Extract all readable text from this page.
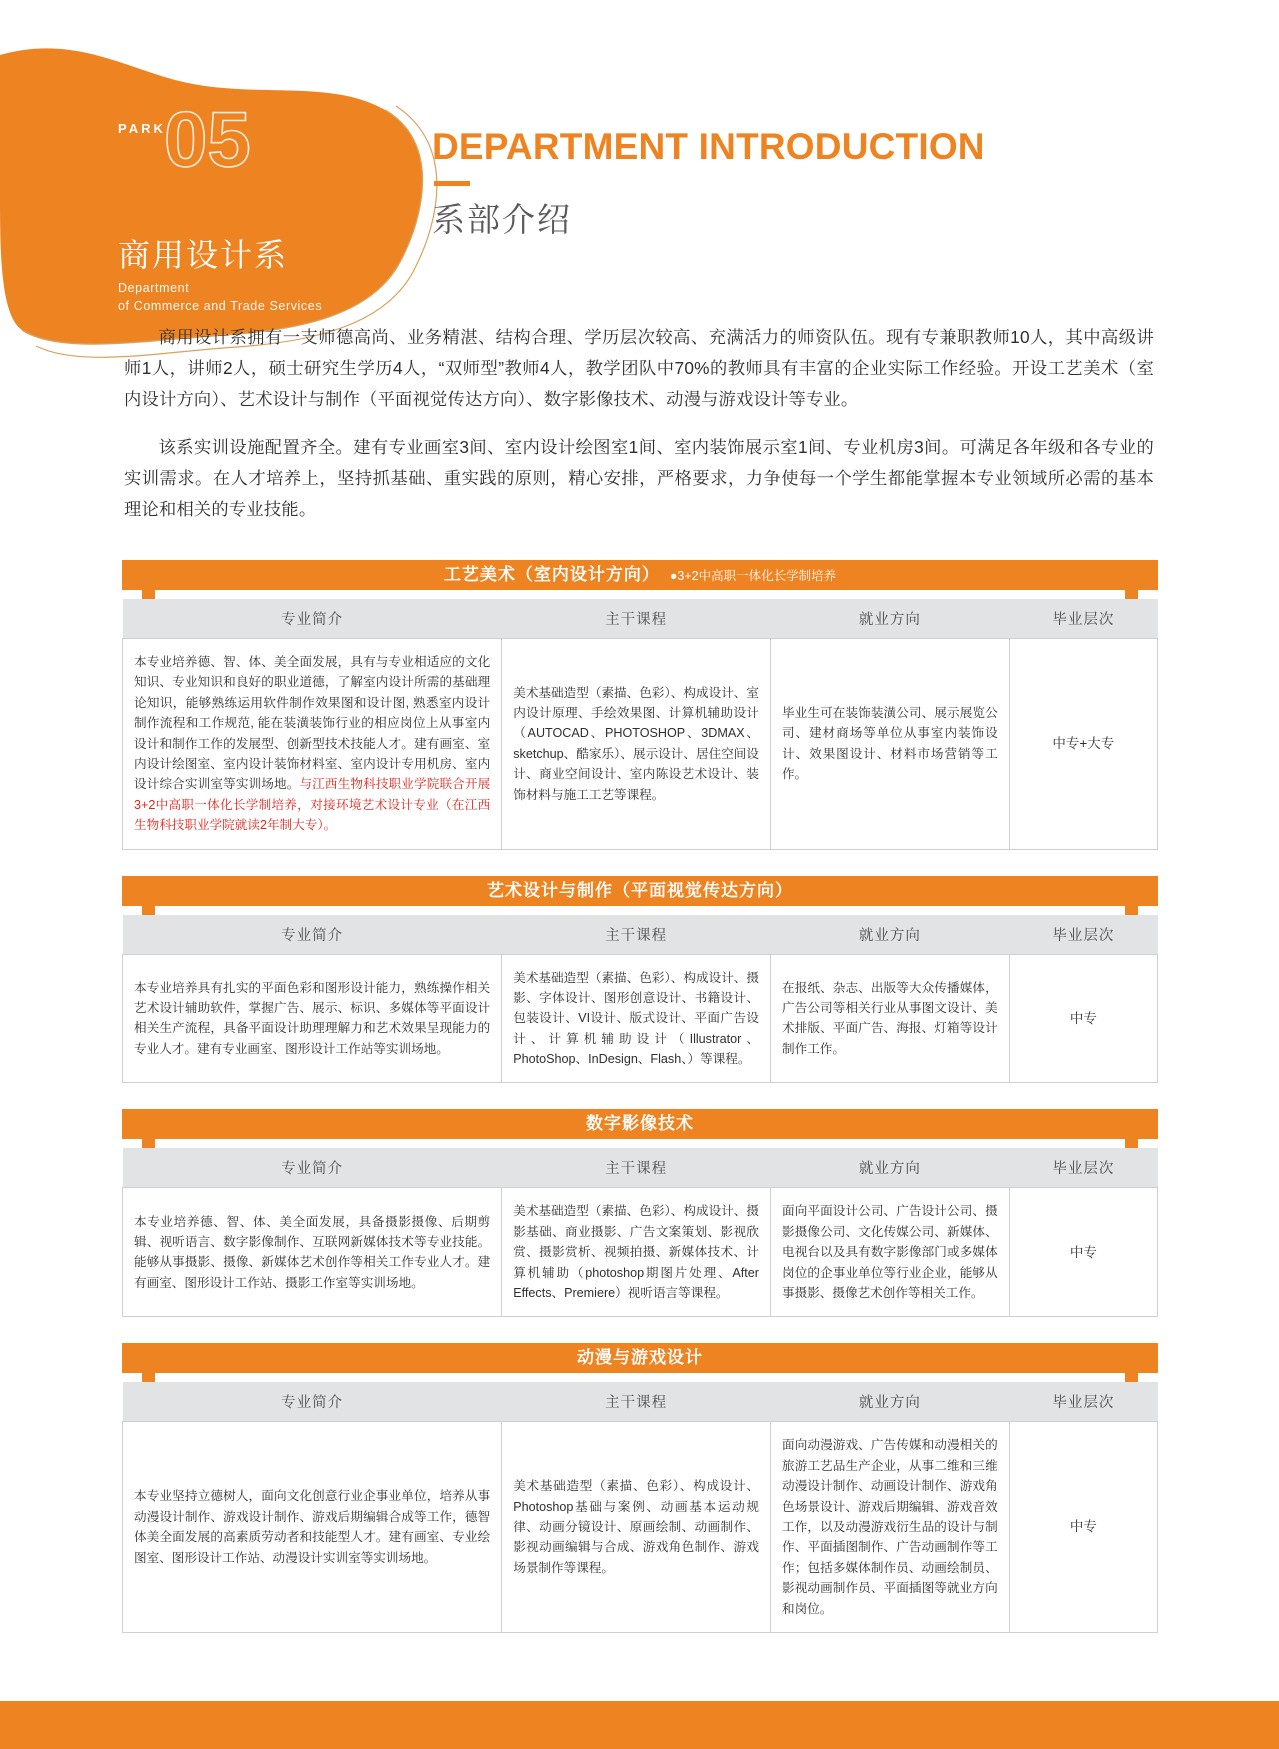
PARK
05
商用设计系
Department
of Commerce and Trade Services
DEPARTMENT INTRODUCTION
系部介绍

商用设计系拥有一支师德高尚、业务精湛、结构合理、学历层次较高、充满活力的师资队伍。现有专兼职教师10人，其中高级讲师1人，讲师2人，硕士研究生学历4人，“双师型”教师4人，教学团队中70%的教师具有丰富的企业实际工作经验。开设工艺美术（室内设计方向）、艺术设计与制作（平面视觉传达方向）、数字影像技术、动漫与游戏设计等专业。

该系实训设施配置齐全。建有专业画室3间、室内设计绘图室1间、室内装饰展示室1间、专业机房3间。可满足各年级和各专业的实训需求。在人才培养上，坚持抓基础、重实践的原则，精心安排，严格要求，力争使每一个学生都能掌握本专业领域所必需的基本理论和相关的专业技能。

工艺美术（室内设计方向） ●3+2中高职一体化长学制培养
专业简介	主干课程	就业方向	毕业层次
本专业培养德、智、体、美全面发展，具有与专业相适应的文化知识、专业知识和良好的职业道德，了解室内设计所需的基础理论知识，能够熟练运用软件制作效果图和设计图, 熟悉室内设计制作流程和工作规范, 能在装潢装饰行业的相应岗位上从事室内设计和制作工作的发展型、创新型技术技能人才。建有画室、室内设计绘图室、室内设计装饰材料室、室内设计专用机房、室内设计综合实训室等实训场地。与江西生物科技职业学院联合开展3+2中高职一体化长学制培养，对接环境艺术设计专业（在江西生物科技职业学院就读2年制大专）。	美术基础造型（素描、色彩）、构成设计、室内设计原理、手绘效果图、计算机辅助设计（AUTOCAD、PHOTOSHOP、3DMAX、sketchup、酷家乐）、展示设计、居住空间设计、商业空间设计、室内陈设艺术设计、装饰材料与施工工艺等课程。	毕业生可在装饰装潢公司、展示展览公司、建材商场等单位从事室内装饰设计、效果图设计、材料市场营销等工作。	中专+大专
艺术设计与制作（平面视觉传达方向）
专业简介	主干课程	就业方向	毕业层次
本专业培养具有扎实的平面色彩和图形设计能力，熟练操作相关艺术设计辅助软件，掌握广告、展示、标识、多媒体等平面设计相关生产流程，具备平面设计助理理解力和艺术效果呈现能力的专业人才。建有专业画室、图形设计工作站等实训场地。	美术基础造型（素描、色彩）、构成设计、摄影、字体设计、图形创意设计、书籍设计、包装设计、VI设计、版式设计、平面广告设计、计算机辅助设计（Illustrator、PhotoShop、InDesign、Flash、）等课程。	在报纸、杂志、出版等大众传播媒体，广告公司等相关行业从事图文设计、美术排版、平面广告、海报、灯箱等设计制作工作。	中专
数字影像技术
专业简介	主干课程	就业方向	毕业层次
本专业培养德、智、体、美全面发展，具备摄影摄像、后期剪辑、视听语言、数字影像制作、互联网新媒体技术等专业技能。能够从事摄影、摄像、新媒体艺术创作等相关工作专业人才。建有画室、图形设计工作站、摄影工作室等实训场地。	美术基础造型（素描、色彩）、构成设计、摄影基础、商业摄影、广告文案策划、影视欣赏、摄影赏析、视频拍摄、新媒体技术、计算机辅助（photoshop期图片处理、After Effects、Premiere）视听语言等课程。	面向平面设计公司、广告设计公司、摄影摄像公司、文化传媒公司、新媒体、电视台以及具有数字影像部门或多媒体岗位的企事业单位等行业企业，能够从事摄影、摄像艺术创作等相关工作。	中专
动漫与游戏设计
专业简介	主干课程	就业方向	毕业层次
本专业坚持立德树人，面向文化创意行业企事业单位，培养从事动漫设计制作、游戏设计制作、游戏后期编辑合成等工作，德智体美全面发展的高素质劳动者和技能型人才。建有画室、专业绘图室、图形设计工作站、动漫设计实训室等实训场地。	美术基础造型（素描、色彩）、构成设计、Photoshop基础与案例、动画基本运动规律、动画分镜设计、原画绘制、动画制作、影视动画编辑与合成、游戏角色制作、游戏场景制作等课程。	面向动漫游戏、广告传媒和动漫相关的旅游工艺品生产企业，从事二维和三维动漫设计制作、动画设计制作、游戏角色场景设计、游戏后期编辑、游戏音效工作，以及动漫游戏衍生品的设计与制作、平面插图制作、广告动画制作等工作；包括多媒体制作员、动画绘制员、影视动画制作员、平面插图等就业方向和岗位。	中专
